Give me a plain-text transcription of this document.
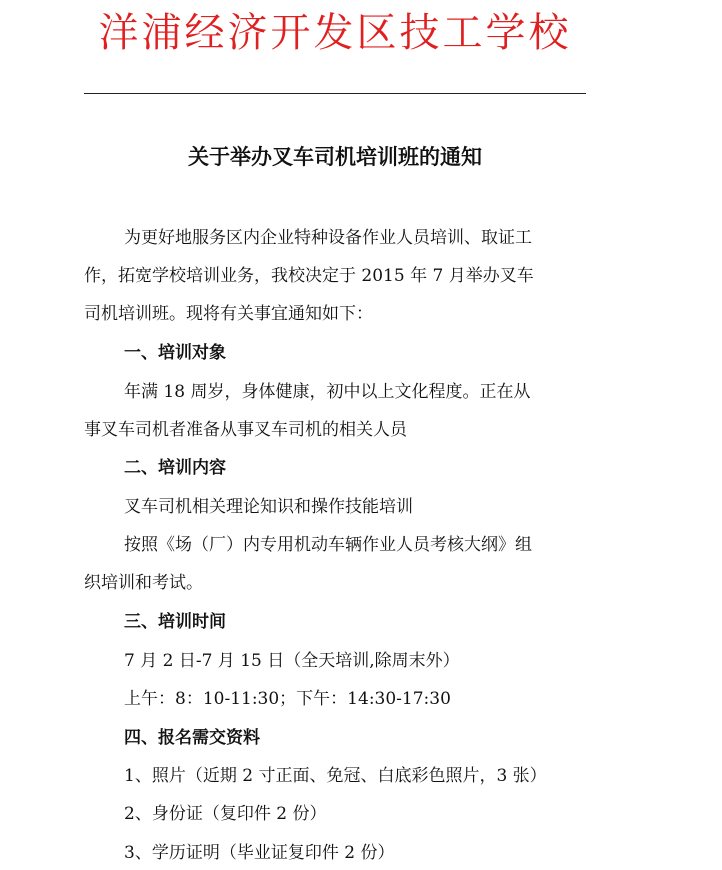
洋浦经济开发区技工学校
关于举办叉车司机培训班的通知
为更好地服务区内企业特种设备作业人员培训、取证工
作，拓宽学校培训业务，我校决定于 2015 年 7 月举办叉车
司机培训班。现将有关事宜通知如下：
一、培训对象
年满 18 周岁，身体健康，初中以上文化程度。正在从
事叉车司机者准备从事叉车司机的相关人员
二、培训内容
叉车司机相关理论知识和操作技能培训
按照《场（厂）内专用机动车辆作业人员考核大纲》组
织培训和考试。
三、培训时间
7 月 2 日-7 月 15 日（全天培训,除周末外）
上午：8：10-11:30；下午：14:30-17:30
四、报名需交资料
1、照片（近期 2 寸正面、免冠、白底彩色照片，3 张）
2、身份证（复印件 2 份）
3、学历证明（毕业证复印件 2 份）
